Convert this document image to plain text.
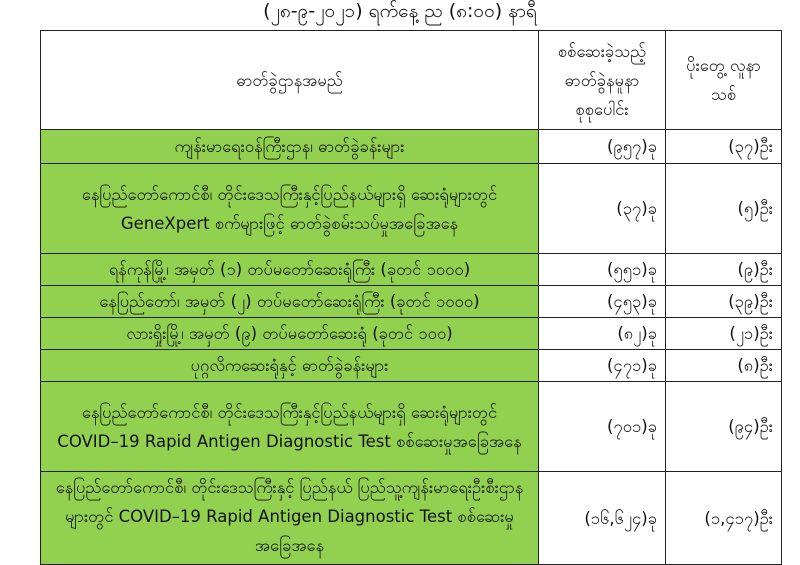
(၂၈-၉-၂၀၂၁) ရက်နေ့ ည (၈:၀၀) နာရီ
ဓာတ်ခွဲဌာနအမည်	စစ်ဆေးခဲ့သည့် ဓာတ်ခွဲနမူနာ စုစုပေါင်း	ပိုးတွေ့ လူနာသစ်
ကျန်းမာရေးဝန်ကြီးဌာန၊ ဓာတ်ခွဲခန်းများ	(၉၅၇)ခု	(၃၇)ဦး
နေပြည်တော်ကောင်စီ၊ တိုင်းဒေသကြီးနှင့်ပြည်နယ်များရှိ ဆေးရုံများတွင် GeneXpert စက်များဖြင့် ဓာတ်ခွဲစမ်းသပ်မှုအခြေအနေ	(၃၇)ခု	(၅)ဦး
ရန်ကုန်မြို့၊ အမှတ် (၁) တပ်မတော်ဆေးရုံကြီး (ခုတင် ၁၀၀၀)	(၅၅၁)ခု	(၉)ဦး
နေပြည်တော်၊ အမှတ် (၂) တပ်မတော်ဆေးရုံကြီး (ခုတင် ၁၀၀၀)	(၄၅၃)ခု	(၃၉)ဦး
လားရှိုးမြို့၊ အမှတ် (၉) တပ်မတော်ဆေးရုံ (ခုတင် ၁၀၀)	(၈၂)ခု	(၂၁)ဦး
ပုဂ္ဂလိကဆေးရုံနှင့် ဓာတ်ခွဲခန်းများ	(၄၇၁)ခု	(၈)ဦး
နေပြည်တော်ကောင်စီ၊ တိုင်းဒေသကြီးနှင့်ပြည်နယ်များရှိ ဆေးရုံများတွင် COVID–19 Rapid Antigen Diagnostic Test စစ်ဆေးမှုအခြေအနေ	(၇၀၁)ခု	(၉၄)ဦး
နေပြည်တော်ကောင်စီ၊ တိုင်းဒေသကြီးနှင့် ပြည်နယ် ပြည်သူ့ကျန်းမာရေးဦးစီးဌာနများတွင် COVID–19 Rapid Antigen Diagnostic Test စစ်ဆေးမှုအခြေအနေ	(၁၆,၆၂၄)ခု	(၁,၄၁၇)ဦး
